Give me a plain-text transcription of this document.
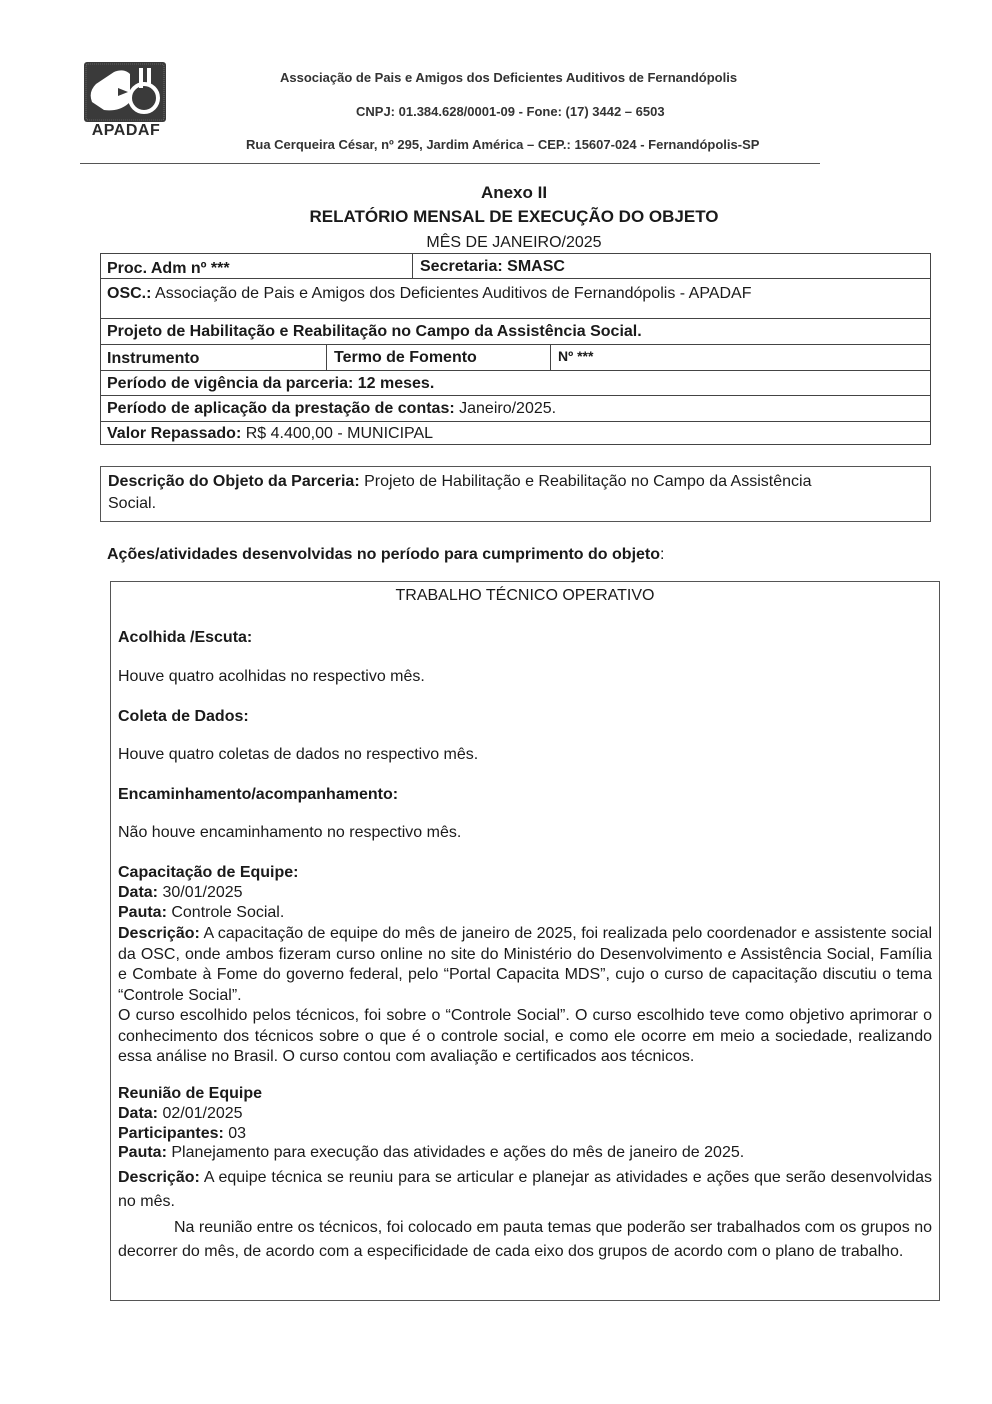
APADAF
Associação de Pais e Amigos dos Deficientes Auditivos de Fernandópolis
CNPJ: 01.384.628/0001-09 - Fone: (17) 3442 – 6503
Rua Cerqueira César, nº 295, Jardim América – CEP.: 15607-024 - Fernandópolis-SP
Anexo II
RELATÓRIO MENSAL DE EXECUÇÃO DO OBJETO
MÊS DE JANEIRO/2025
Proc. Adm nº ***	Secretaria: SMASC
OSC.: Associação de Pais e Amigos dos Deficientes Auditivos de Fernandópolis - APADAF
Projeto de Habilitação e Reabilitação no Campo da Assistência Social.
Instrumento	Termo de Fomento	Nº ***
Período de vigência da parceria: 12 meses.
Período de aplicação da prestação de contas: Janeiro/2025.
Valor Repassado: R$ 4.400,00 - MUNICIPAL
Descrição do Objeto da Parceria: Projeto de Habilitação e Reabilitação no Campo da Assistência
Social.
Ações/atividades desenvolvidas no período para cumprimento do objeto:
TRABALHO TÉCNICO OPERATIVO
Acolhida /Escuta:
Houve quatro acolhidas no respectivo mês.
Coleta de Dados:
Houve quatro coletas de dados no respectivo mês.
Encaminhamento/acompanhamento:
Não houve encaminhamento no respectivo mês.
Capacitação de Equipe:
Data: 30/01/2025
Pauta: Controle Social.

Descrição: A capacitação de equipe do mês de janeiro de 2025, foi realizada pelo coordenador e assistente social da OSC, onde ambos fizeram curso online no site do Ministério do Desenvolvimento e Assistência Social, Família e Combate à Fome do governo federal, pelo “Portal Capacita MDS”, cujo o curso de capacitação discutiu o tema “Controle Social”.

O curso escolhido pelos técnicos, foi sobre o “Controle Social”. O curso escolhido teve como objetivo aprimorar o conhecimento dos técnicos sobre o que é o controle social, e como ele ocorre em meio a sociedade, realizando essa análise no Brasil. O curso contou com avaliação e certificados aos técnicos.

Reunião de Equipe
Data: 02/01/2025
Participantes: 03
Pauta: Planejamento para execução das atividades e ações do mês de janeiro de 2025.

Descrição: A equipe técnica se reuniu para se articular e planejar as atividades e ações que serão desenvolvidas no mês.

Na reunião entre os técnicos, foi colocado em pauta temas que poderão ser trabalhados com os grupos no decorrer do mês, de acordo com a especificidade de cada eixo dos grupos de acordo com o plano de trabalho.
